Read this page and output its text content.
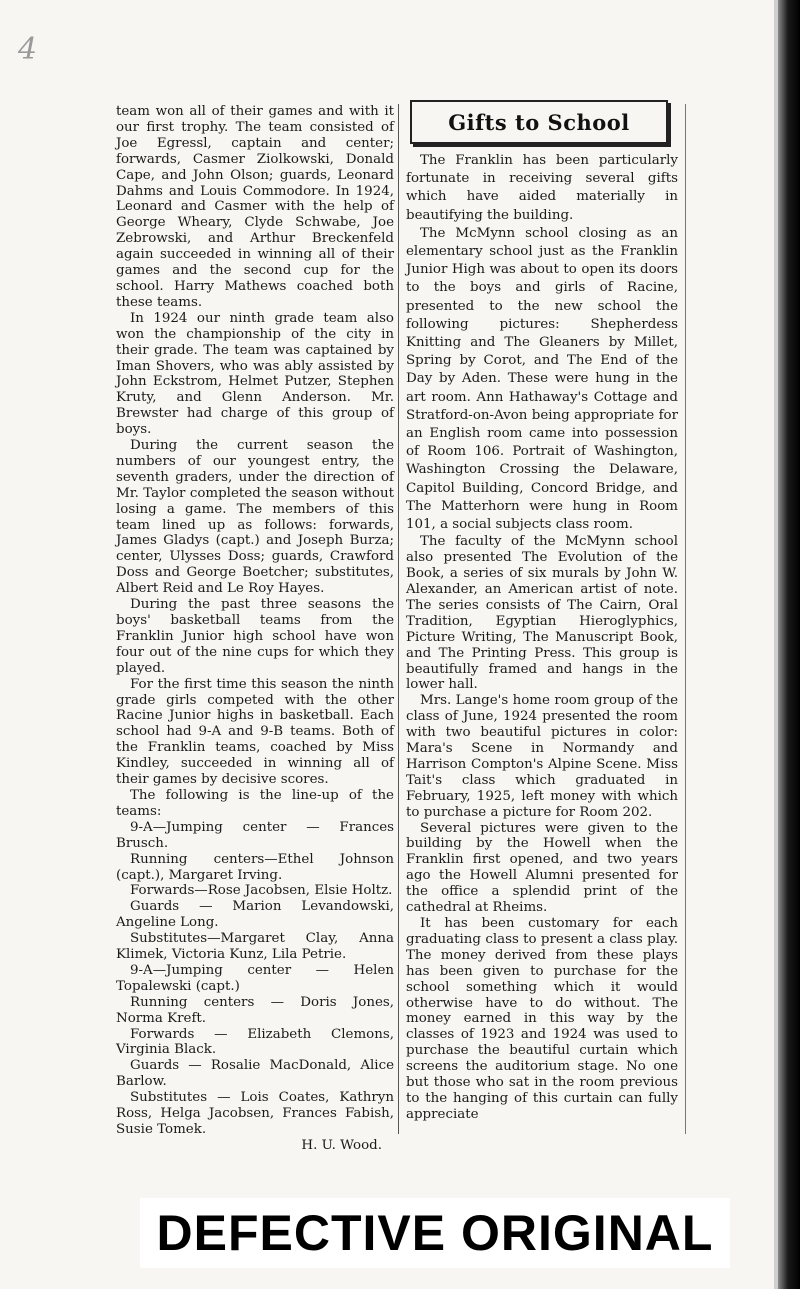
4

team won all of their games and with it our first trophy. The team consisted of Joe Egressl, captain and center; forwards, Casmer Ziolkowski, Donald Cape, and John Olson; guards, Leonard Dahms and Louis Commodore. In 1924, Leonard and Casmer with the help of George Wheary, Clyde Schwabe, Joe Zebrowski, and Arthur Breckenfeld again succeeded in winning all of their games and the second cup for the school. Harry Mathews coached both these teams.

In 1924 our ninth grade team also won the championship of the city in their grade. The team was captained by Iman Shovers, who was ably assisted by John Eckstrom, Helmet Putzer, Stephen Kruty, and Glenn Anderson. Mr. Brewster had charge of this group of boys.

During the current season the numbers of our youngest entry, the seventh graders, under the direction of Mr. Taylor completed the season without losing a game. The members of this team lined up as follows: forwards, James Gladys (capt.) and Joseph Burza; center, Ulysses Doss; guards, Crawford Doss and George Boetcher; substitutes, Albert Reid and Le Roy Hayes.

During the past three seasons the boys' basketball teams from the Franklin Junior high school have won four out of the nine cups for which they played.

For the first time this season the ninth grade girls competed with the other Racine Junior highs in basketball. Each school had 9-A and 9-B teams. Both of the Franklin teams, coached by Miss Kindley, succeeded in winning all of their games by decisive scores.

The following is the line-up of the teams:

9-A—Jumping center — Frances Brusch.

Running centers—Ethel Johnson (capt.), Margaret Irving.

Forwards—Rose Jacobsen, Elsie Holtz.

Guards — Marion Levandowski, Angeline Long.

Substitutes—Margaret Clay, Anna Klimek, Victoria Kunz, Lila Petrie.

9-A—Jumping center — Helen Topalewski (capt.)

Running centers — Doris Jones, Norma Kreft.

Forwards — Elizabeth Clemons, Virginia Black.

Guards — Rosalie MacDonald, Alice Barlow.

Substitutes — Lois Coates, Kathryn Ross, Helga Jacobsen, Frances Fabish, Susie Tomek.

H. U. Wood.

Gifts to School

The Franklin has been particularly fortunate in receiving several gifts which have aided materially in beautifying the building.

The McMynn school closing as an elementary school just as the Franklin Junior High was about to open its doors to the boys and girls of Racine, presented to the new school the following pictures: Shepherdess Knitting and The Gleaners by Millet, Spring by Corot, and The End of the Day by Aden. These were hung in the art room. Ann Hathaway's Cottage and Stratford-on-Avon being appropriate for an English room came into possession of Room 106. Portrait of Washington, Washington Crossing the Delaware, Capitol Building, Concord Bridge, and The Matterhorn were hung in Room 101, a social subjects class room.

The faculty of the McMynn school also presented The Evolution of the Book, a series of six murals by John W. Alexander, an American artist of note. The series consists of The Cairn, Oral Tradition, Egyptian Hieroglyphics, Picture Writing, The Manuscript Book, and The Printing Press. This group is beautifully framed and hangs in the lower hall.

Mrs. Lange's home room group of the class of June, 1924 presented the room with two beautiful pictures in color: Mara's Scene in Normandy and Harrison Compton's Alpine Scene. Miss Tait's class which graduated in February, 1925, left money with which to purchase a picture for Room 202.

Several pictures were given to the building by the Howell when the Franklin first opened, and two years ago the Howell Alumni presented for the office a splendid print of the cathedral at Rheims.

It has been customary for each graduating class to present a class play. The money derived from these plays has been given to purchase for the school something which it would otherwise have to do without. The money earned in this way by the classes of 1923 and 1924 was used to purchase the beautiful curtain which screens the auditorium stage. No one but those who sat in the room previous to the hanging of this curtain can fully appreciate

DEFECTIVE ORIGINAL
